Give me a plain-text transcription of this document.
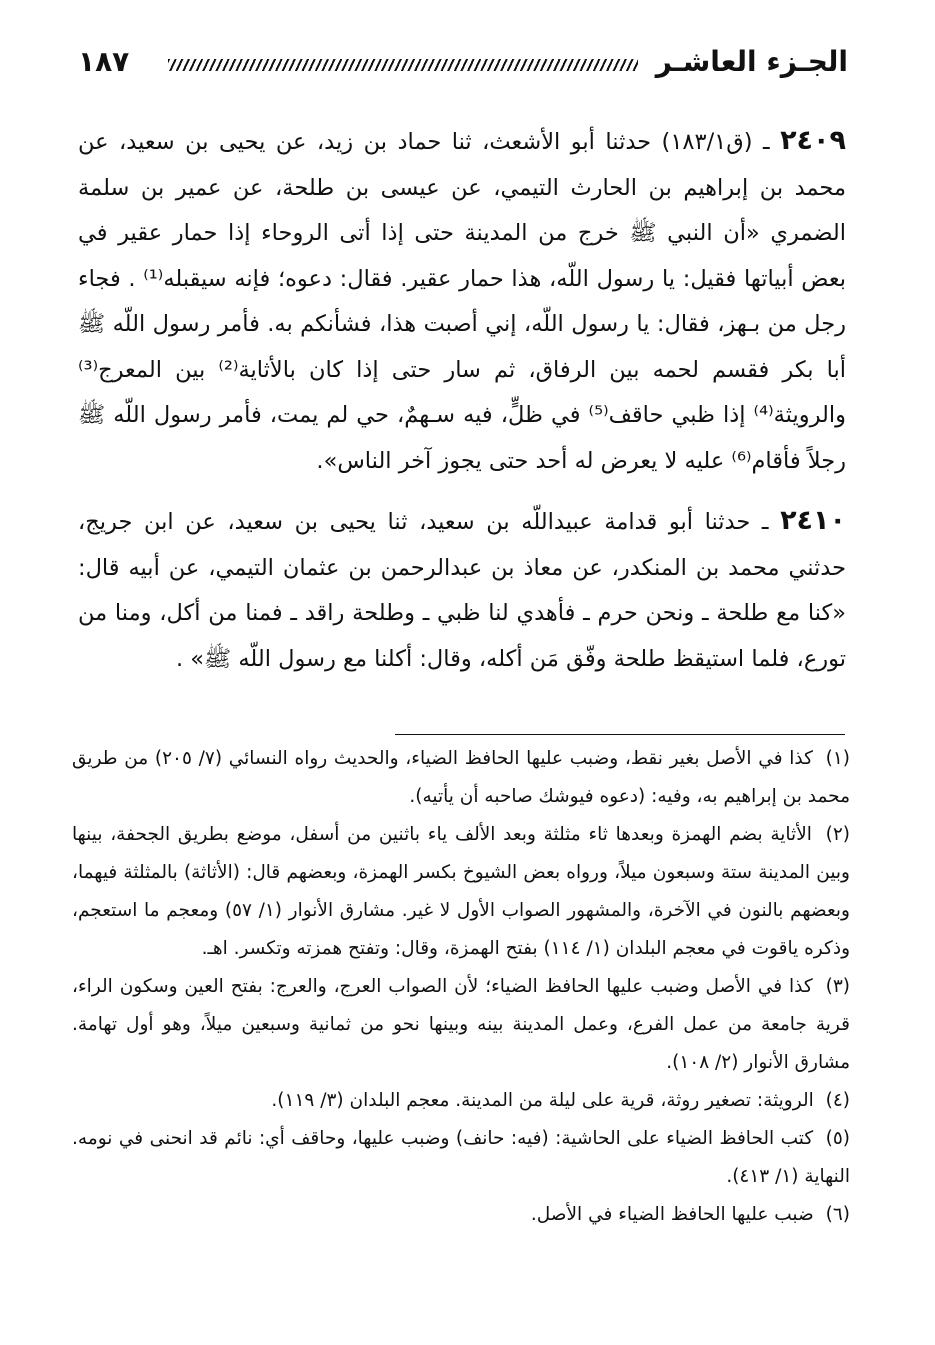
١٨٧	الجـزء العاشـر

٢٤٠٩ ـ (ق١٨٣/١) حدثنا أبو الأشعث، ثنا حماد بن زيد، عن يحيى بن سعيد، عن محمد بن إبراهيم بن الحارث التيمي، عن عيسى بن طلحة، عن عمير بن سلمة الضمري «أن النبي ﷺ خرج من المدينة حتى إذا أتى الروحاء إذا حمار عقير في بعض أبياتها فقيل: يا رسول اللّه، هذا حمار عقير. فقال: دعوه؛ فإنه سيقبله⁽¹⁾ . فجاء رجل من بـهز، فقال: يا رسول اللّه، إني أصبت هذا، فشأنكم به. فأمر رسول اللّه ﷺ أبا بكر فقسم لحمه بين الرفاق، ثم سار حتى إذا كان بالأثاية⁽²⁾ بين المعرج⁽³⁾ والرويثة⁽⁴⁾ إذا ظبي حاقف⁽⁵⁾ في ظلٍّ، فيه سـهمٌ، حي لم يمت، فأمر رسول اللّه ﷺ رجلاً فأقام⁽⁶⁾ عليه لا يعرض له أحد حتى يجوز آخر الناس».

٢٤١٠ ـ حدثنا أبو قدامة عبيداللّه بن سعيد، ثنا يحيى بن سعيد، عن ابن جريج، حدثني محمد بن المنكدر، عن معاذ بن عبدالرحمن بن عثمان التيمي، عن أبيه قال: «كنا مع طلحة ـ ونحن حرم ـ فأهدي لنا ظبي ـ وطلحة راقد ـ فمنا من أكل، ومنا من تورع، فلما استيقظ طلحة وفّق مَن أكله، وقال: أكلنا مع رسول اللّه ﷺ» .

(١) كذا في الأصل بغير نقط، وضبب عليها الحافظ الضياء، والحديث رواه النسائي (٧/ ٢٠٥) من طريق محمد بن إبراهيم به، وفيه: (دعوه فيوشك صاحبه أن يأتيه).

(٢) الأثاية بضم الهمزة وبعدها ثاء مثلثة وبعد الألف ياء باثنين من أسفل، موضع بطريق الجحفة، بينها وبين المدينة ستة وسبعون ميلاً، ورواه بعض الشيوخ بكسر الهمزة، وبعضهم قال: (الأثاثة) بالمثلثة فيهما، وبعضهم بالنون في الآخرة، والمشهور الصواب الأول لا غير. مشارق الأنوار (١/ ٥٧) ومعجم ما استعجم، وذكره ياقوت في معجم البلدان (١/ ١١٤) بفتح الهمزة، وقال: وتفتح همزته وتكسر. اهـ.

(٣) كذا في الأصل وضبب عليها الحافظ الضياء؛ لأن الصواب العرج، والعرج: بفتح العين وسكون الراء، قرية جامعة من عمل الفرع، وعمل المدينة بينه وبينها نحو من ثمانية وسبعين ميلاً، وهو أول تهامة. مشارق الأنوار (٢/ ١٠٨).

(٤) الرويثة: تصغير روثة، قرية على ليلة من المدينة. معجم البلدان (٣/ ١١٩).

(٥) كتب الحافظ الضياء على الحاشية: (فيه: حانف) وضبب عليها، وحاقف أي: نائم قد انحنى في نومه. النهاية (١/ ٤١٣).

(٦) ضبب عليها الحافظ الضياء في الأصل.
